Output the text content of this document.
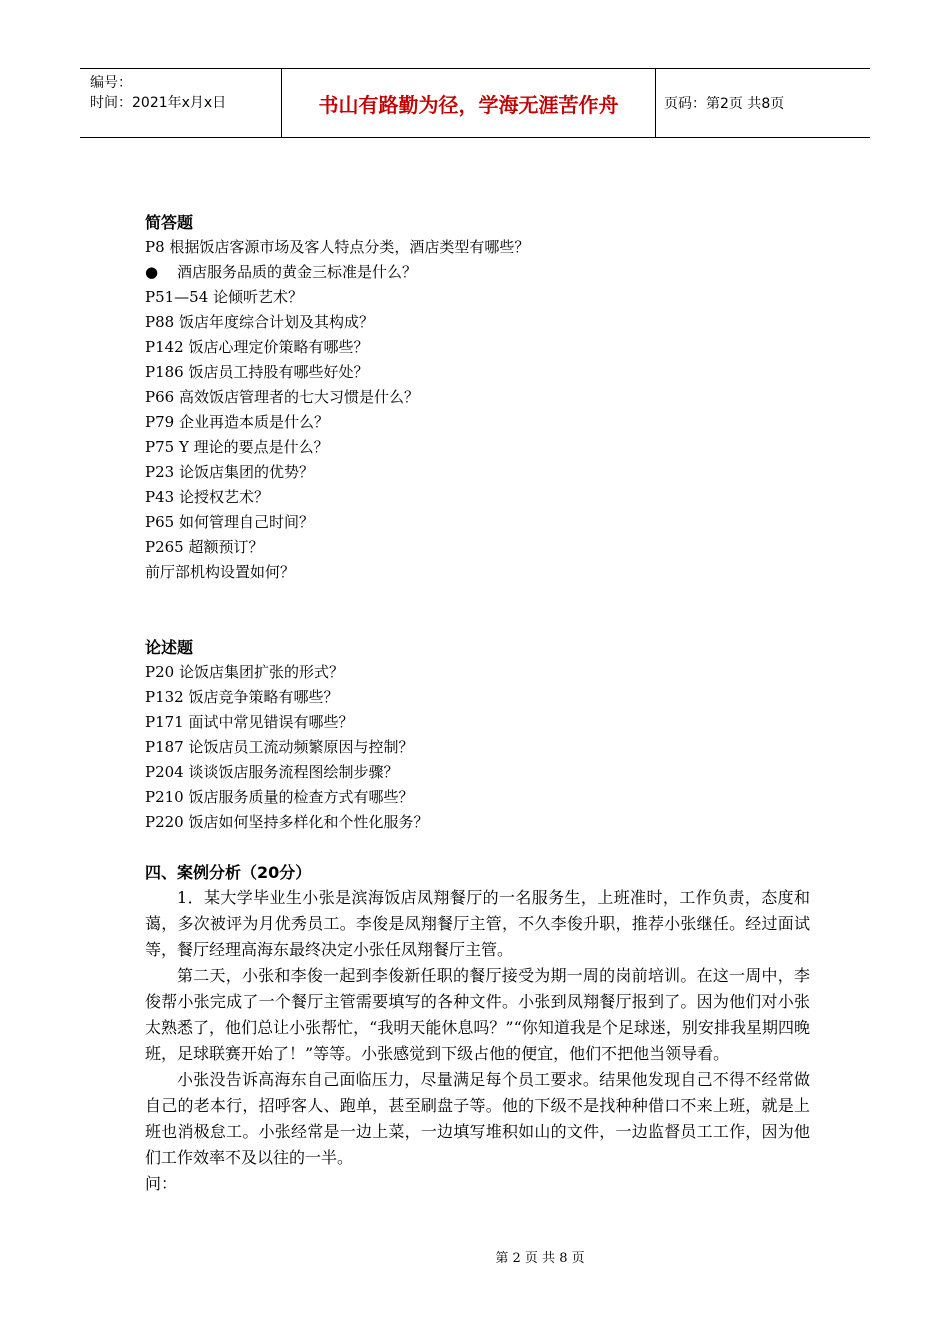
编号：
时间：2021年x月x日	书山有路勤为径，学海无涯苦作舟	页码：第2页 共8页
简答题
P8 根据饭店客源市场及客人特点分类，酒店类型有哪些？
● 酒店服务品质的黄金三标准是什么？
P51—54 论倾听艺术？
P88 饭店年度综合计划及其构成？
P142 饭店心理定价策略有哪些？
P186 饭店员工持股有哪些好处？
P66 高效饭店管理者的七大习惯是什么？
P79 企业再造本质是什么？
P75 Y 理论的要点是什么？
P23 论饭店集团的优势？
P43 论授权艺术？
P65 如何管理自己时间？
P265 超额预订？
前厅部机构设置如何？
论述题
P20 论饭店集团扩张的形式？
P132 饭店竞争策略有哪些？
P171 面试中常见错误有哪些？
P187 论饭店员工流动频繁原因与控制？
P204 谈谈饭店服务流程图绘制步骤？
P210 饭店服务质量的检查方式有哪些？
P220 饭店如何坚持多样化和个性化服务？
四、案例分析（20分）

1．某大学毕业生小张是滨海饭店凤翔餐厅的一名服务生，上班准时，工作负责，态度和蔼，多次被评为月优秀员工。李俊是凤翔餐厅主管，不久李俊升职，推荐小张继任。经过面试等，餐厅经理高海东最终决定小张任凤翔餐厅主管。

第二天，小张和李俊一起到李俊新任职的餐厅接受为期一周的岗前培训。在这一周中，李俊帮小张完成了一个餐厅主管需要填写的各种文件。小张到凤翔餐厅报到了。因为他们对小张太熟悉了，他们总让小张帮忙，“我明天能休息吗？”“你知道我是个足球迷，别安排我星期四晚班，足球联赛开始了！”等等。小张感觉到下级占他的便宜，他们不把他当领导看。

小张没告诉高海东自己面临压力，尽量满足每个员工要求。结果他发现自己不得不经常做自己的老本行，招呼客人、跑单，甚至刷盘子等。他的下级不是找种种借口不来上班，就是上班也消极怠工。小张经常是一边上菜，一边填写堆积如山的文件，一边监督员工工作，因为他们工作效率不及以往的一半。

问：

第 2 页 共 8 页
